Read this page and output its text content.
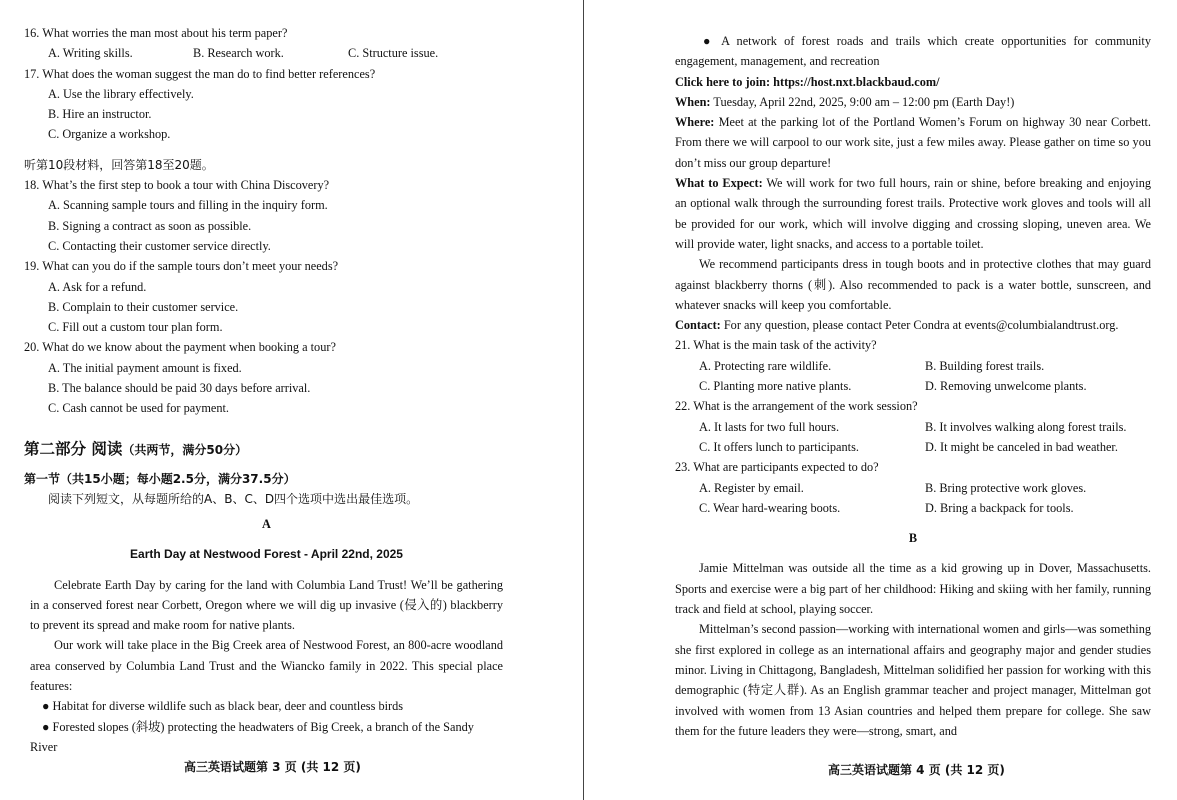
16. What worries the man most about his term paper?
A. Writing skills.	B. Research work.	C. Structure issue.
17. What does the woman suggest the man do to find better references?
A. Use the library effectively.
B. Hire an instructor.
C. Organize a workshop.
听第10段材料，回答第18至20题。
18. What’s the first step to book a tour with China Discovery?
A. Scanning sample tours and filling in the inquiry form.
B. Signing a contract as soon as possible.
C. Contacting their customer service directly.
19. What can you do if the sample tours don’t meet your needs?
A. Ask for a refund.
B. Complain to their customer service.
C. Fill out a custom tour plan form.
20. What do we know about the payment when booking a tour?
A. The initial payment amount is fixed.
B. The balance should be paid 30 days before arrival.
C. Cash cannot be used for payment.
第二部分 阅读（共两节，满分50分）
第一节（共15小题；每小题2.5分，满分37.5分）
阅读下列短文，从每题所给的A、B、C、D四个选项中选出最佳选项。
A
Earth Day at Nestwood Forest - April 22nd, 2025
Celebrate Earth Day by caring for the land with Columbia Land Trust! We’ll be gathering in a conserved forest near Corbett, Oregon where we will dig up invasive (侵入的) blackberry to prevent its spread and make room for native plants.
Our work will take place in the Big Creek area of Nestwood Forest, an 800-acre woodland area conserved by Columbia Land Trust and the Wiancko family in 2022. This special place features:
● Habitat for diverse wildlife such as black bear, deer and countless birds
● Forested slopes (斜坡) protecting the headwaters of Big Creek, a branch of the Sandy River
高三英语试题第 3 页 (共 12 页)
● A network of forest roads and trails which create opportunities for community engagement, management, and recreation
Click here to join: https://host.nxt.blackbaud.com/
When: Tuesday, April 22nd, 2025, 9:00 am – 12:00 pm (Earth Day!)
Where: Meet at the parking lot of the Portland Women’s Forum on highway 30 near Corbett. From there we will carpool to our work site, just a few miles away. Please gather on time so you don’t miss our group departure!
What to Expect: We will work for two full hours, rain or shine, before breaking and enjoying an optional walk through the surrounding forest trails. Protective work gloves and tools will all be provided for our work, which will involve digging and crossing sloping, uneven area. We will provide water, light snacks, and access to a portable toilet.
We recommend participants dress in tough boots and in protective clothes that may guard against blackberry thorns (刺). Also recommended to pack is a water bottle, sunscreen, and whatever snacks will keep you comfortable.
Contact: For any question, please contact Peter Condra at events@columbialandtrust.org.
21. What is the main task of the activity?
A. Protecting rare wildlife.	B. Building forest trails.
C. Planting more native plants.	D. Removing unwelcome plants.
22. What is the arrangement of the work session?
A. It lasts for two full hours.	B. It involves walking along forest trails.
C. It offers lunch to participants.	D. It might be canceled in bad weather.
23. What are participants expected to do?
A. Register by email.	B. Bring protective work gloves.
C. Wear hard-wearing boots.	D. Bring a backpack for tools.
B
Jamie Mittelman was outside all the time as a kid growing up in Dover, Massachusetts. Sports and exercise were a big part of her childhood: Hiking and skiing with her family, running track and field at school, playing soccer.
Mittelman’s second passion—working with international women and girls—was something she first explored in college as an international affairs and geography major and gender studies minor. Living in Chittagong, Bangladesh, Mittelman solidified her passion for working with this demographic (特定人群). As an English grammar teacher and project manager, Mittelman got involved with women from 13 Asian countries and helped them prepare for college. She saw them for the future leaders they were—strong, smart, and
高三英语试题第 4 页 (共 12 页)
